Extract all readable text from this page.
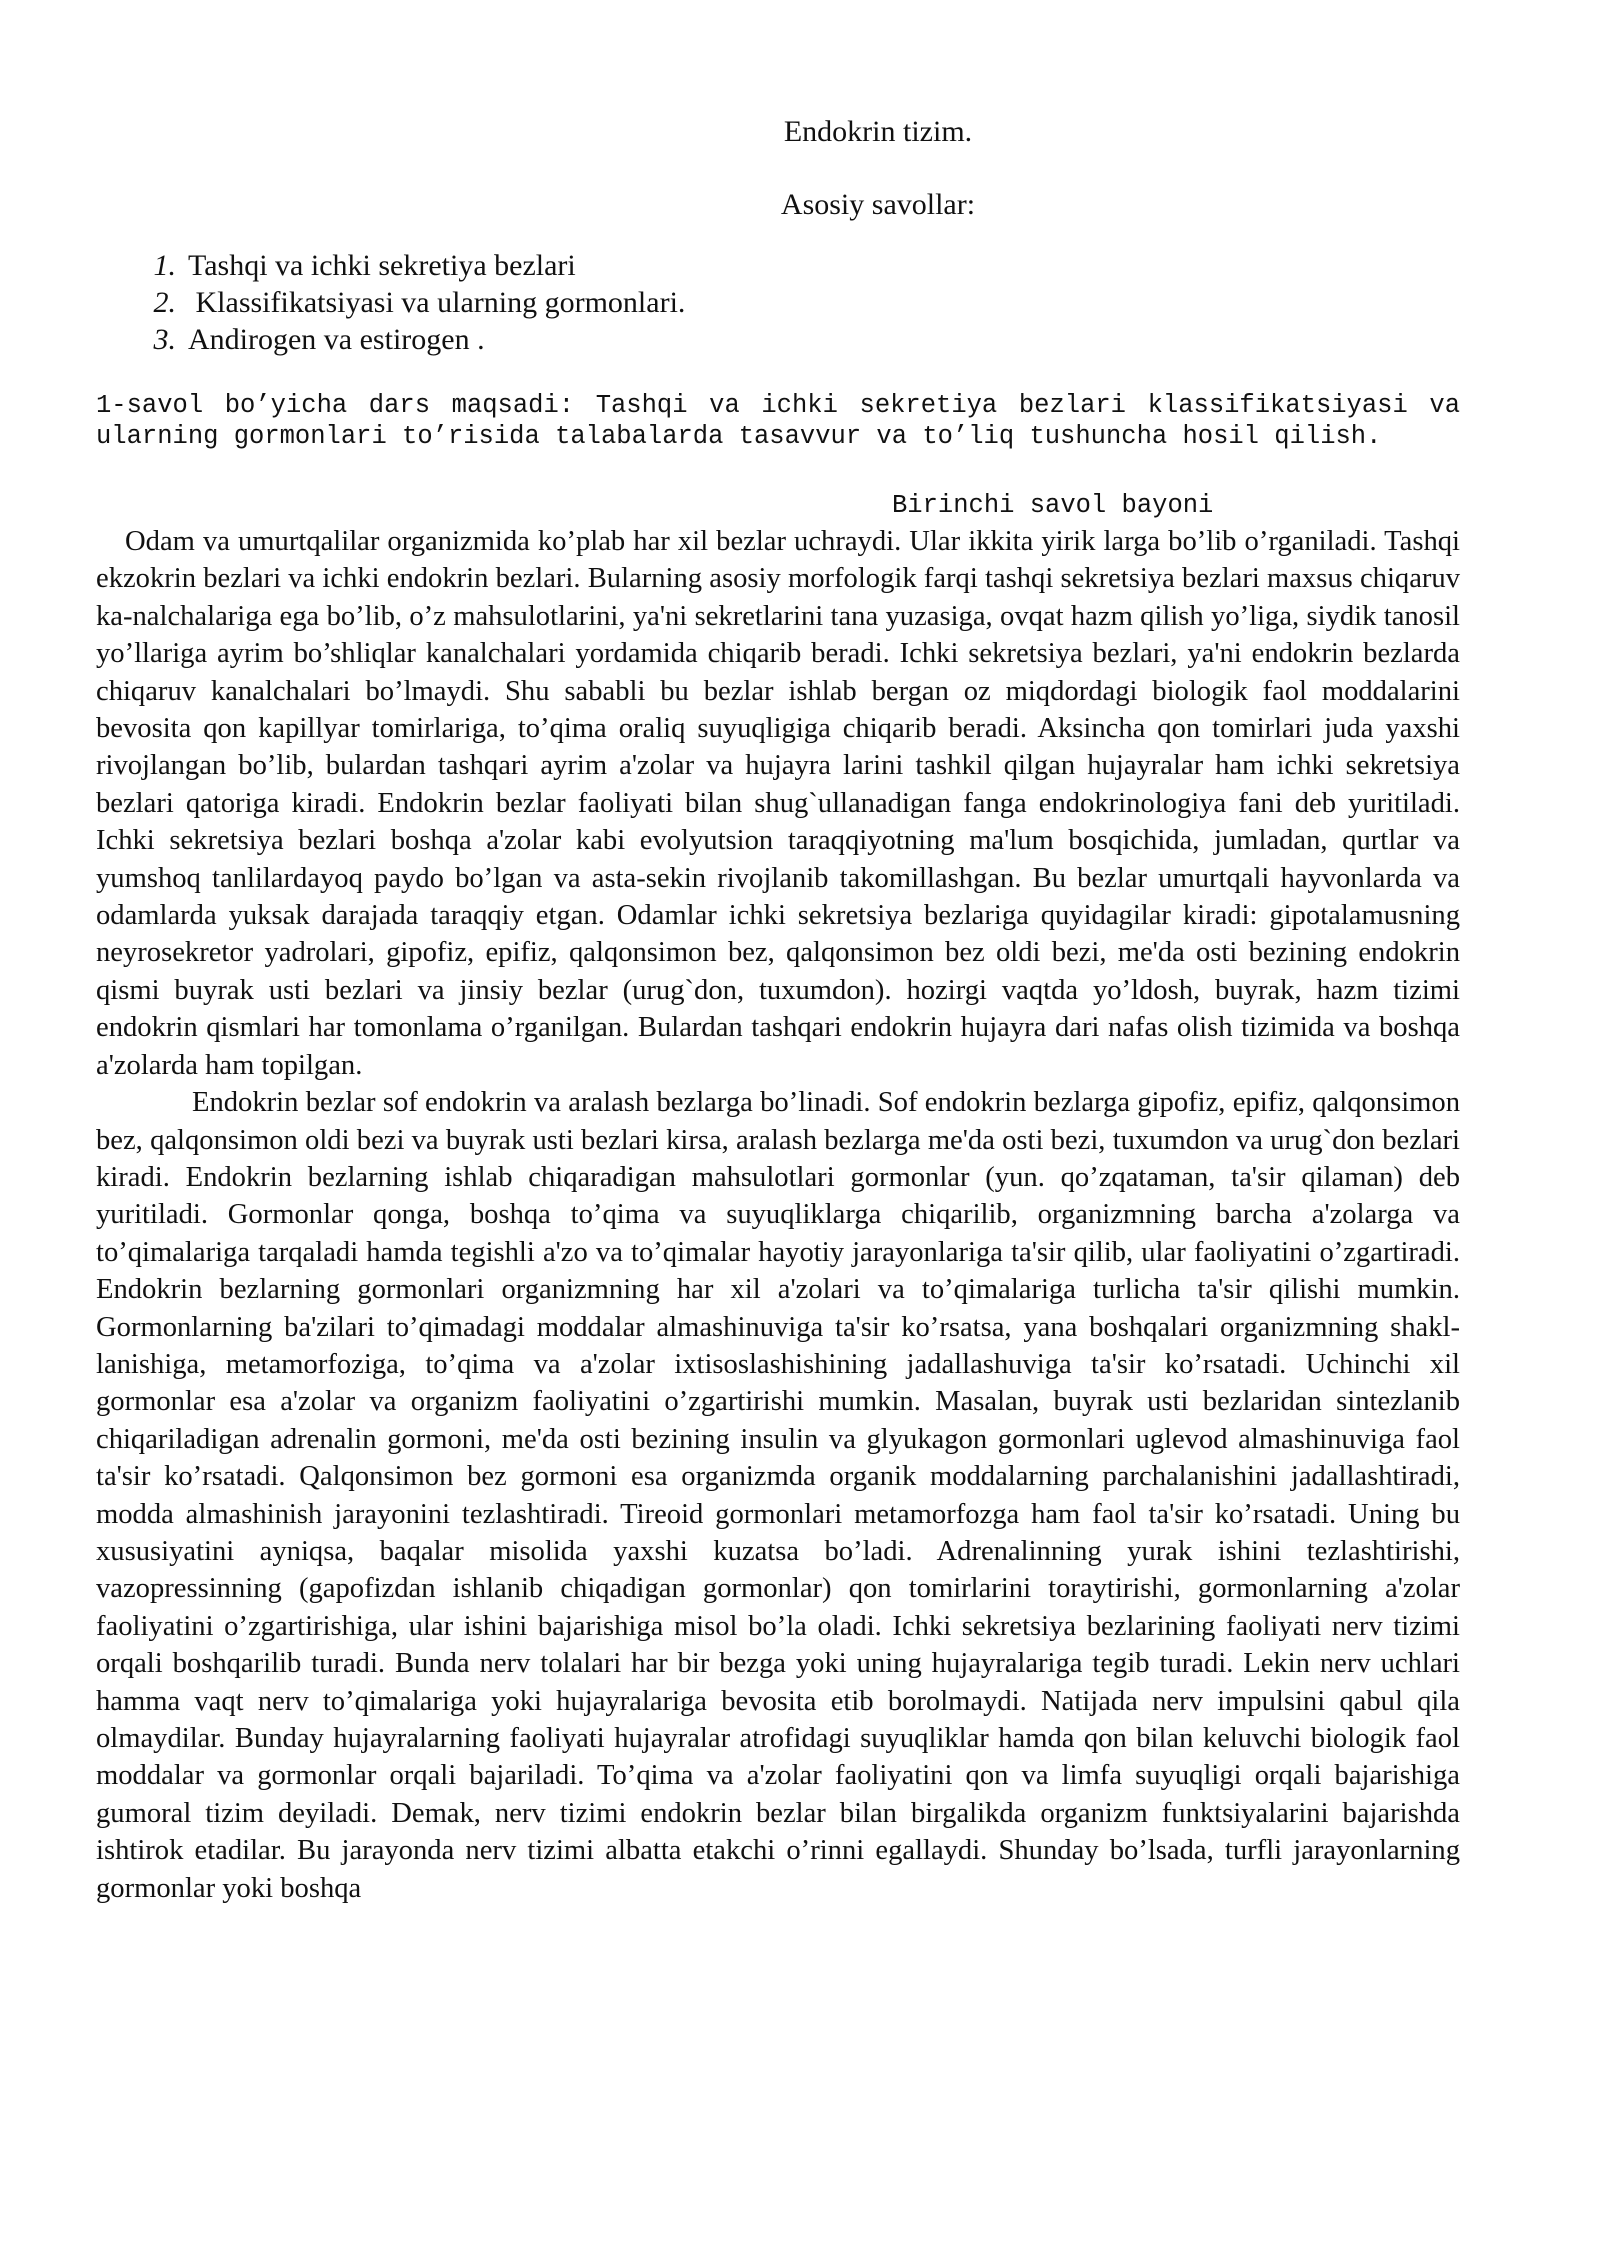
Endokrin tizim.
Asosiy savollar:
1. Tashqi va ichki sekretiya bezlari
2. Klassifikatsiyasi va ularning gormonlari.
3. Andirogen va estirogen .

1-savol bo’yicha dars maqsadi: Tashqi va ichki sekretiya bezlari klassifikatsiyasi va ularning gormonlari to’risida talabalarda tasavvur va to’liq tushuncha hosil qilish.

Birinchi savol bayoni

Odam va umurtqalilar organizmida ko’plab har xil bezlar uchraydi. Ular ikkita yirik larga bo’lib o’rganiladi. Tashqi ekzokrin bezlari va ichki endokrin bezlari. Bularning asosiy morfologik farqi tashqi sekretsiya bezlari maxsus chiqaruv ka-nalchalariga ega bo’lib, o’z mahsulotlarini, ya'ni sekretlarini tana yuzasiga, ovqat hazm qilish yo’liga, siydik tanosil yo’llariga ayrim bo’shliqlar kanalchalari yordamida chiqarib beradi. Ichki sekretsiya bezlari, ya'ni endokrin bezlarda chiqaruv kanalchalari bo’lmaydi. Shu sababli bu bezlar ishlab bergan oz miqdordagi biologik faol moddalarini bevosita qon kapillyar tomirlariga, to’qima oraliq suyuqligiga chiqarib beradi. Aksincha qon tomirlari juda yaxshi rivojlangan bo’lib, bulardan tashqari ayrim a'zolar va hujayra larini tashkil qilgan hujayralar ham ichki sekretsiya bezlari qatoriga kiradi. Endokrin bezlar faoliyati bilan shug`ullanadigan fanga endokrinologiya fani deb yuritiladi. Ichki sekretsiya bezlari boshqa a'zolar kabi evolyutsion taraqqiyotning ma'lum bosqichida, jumladan, qurtlar va yumshoq tanlilardayoq paydo bo’lgan va asta-sekin rivojlanib takomillashgan. Bu bezlar umurtqali hayvonlarda va odamlarda yuksak darajada taraqqiy etgan. Odamlar ichki sekretsiya bezlariga quyidagilar kiradi: gipotalamusning neyrosekretor yadrolari, gipofiz, epifiz, qalqonsimon bez, qalqonsimon bez oldi bezi, me'da osti bezining endokrin qismi buyrak usti bezlari va jinsiy bezlar (urug`don, tuxumdon). hozirgi vaqtda yo’ldosh, buyrak, hazm tizimi endokrin qismlari har tomonlama o’rganilgan. Bulardan tashqari endokrin hujayra dari nafas olish tizimida va boshqa a'zolarda ham topilgan.

Endokrin bezlar sof endokrin va aralash bezlarga bo’linadi. Sof endokrin bezlarga gipofiz, epifiz, qalqonsimon bez, qalqonsimon oldi bezi va buyrak usti bezlari kirsa, aralash bezlarga me'da osti bezi, tuxumdon va urug`don bezlari kiradi. Endokrin bezlarning ishlab chiqaradigan mahsulotlari gormonlar (yun. qo’zqataman, ta'sir qilaman) deb yuritiladi. Gormonlar qonga, boshqa to’qima va suyuqliklarga chiqarilib, organizmning barcha a'zolarga va to’qimalariga tarqaladi hamda tegishli a'zo va to’qimalar hayotiy jarayonlariga ta'sir qilib, ular faoliyatini o’zgartiradi. Endokrin bezlarning gormonlari organizmning har xil a'zolari va to’qimalariga turlicha ta'sir qilishi mumkin. Gormonlarning ba'zilari to’qimadagi moddalar almashinuviga ta'sir ko’rsatsa, yana boshqalari organizmning shakl-lanishiga, metamorfoziga, to’qima va a'zolar ixtisoslashishining jadallashuviga ta'sir ko’rsatadi. Uchinchi xil gormonlar esa a'zolar va organizm faoliyatini o’zgartirishi mumkin. Masalan, buyrak usti bezlaridan sintezlanib chiqariladigan adrenalin gormoni, me'da osti bezining insulin va glyukagon gormonlari uglevod almashinuviga faol ta'sir ko’rsatadi. Qalqonsimon bez gormoni esa organizmda organik moddalarning parchalanishini jadallashtiradi, modda almashinish jarayonini tezlashtiradi. Tireoid gormonlari metamorfozga ham faol ta'sir ko’rsatadi. Uning bu xususiyatini ayniqsa, baqalar misolida yaxshi kuzatsa bo’ladi. Adrenalinning yurak ishini tezlashtirishi, vazopressinning (gapofizdan ishlanib chiqadigan gormonlar) qon tomirlarini toraytirishi, gormonlarning a'zolar faoliyatini o’zgartirishiga, ular ishini bajarishiga misol bo’la oladi. Ichki sekretsiya bezlarining faoliyati nerv tizimi orqali boshqarilib turadi. Bunda nerv tolalari har bir bezga yoki uning hujayralariga tegib turadi. Lekin nerv uchlari hamma vaqt nerv to’qimalariga yoki hujayralariga bevosita etib borolmaydi. Natijada nerv impulsini qabul qila olmaydilar. Bunday hujayralarning faoliyati hujayralar atrofidagi suyuqliklar hamda qon bilan keluvchi biologik faol moddalar va gormonlar orqali bajariladi. To’qima va a'zolar faoliyatini qon va limfa suyuqligi orqali bajarishiga gumoral tizim deyiladi. Demak, nerv tizimi endokrin bezlar bilan birgalikda organizm funktsiyalarini bajarishda ishtirok etadilar. Bu jarayonda nerv tizimi albatta etakchi o’rinni egallaydi. Shunday bo’lsada, turfli jarayonlarning gormonlar yoki boshqa
